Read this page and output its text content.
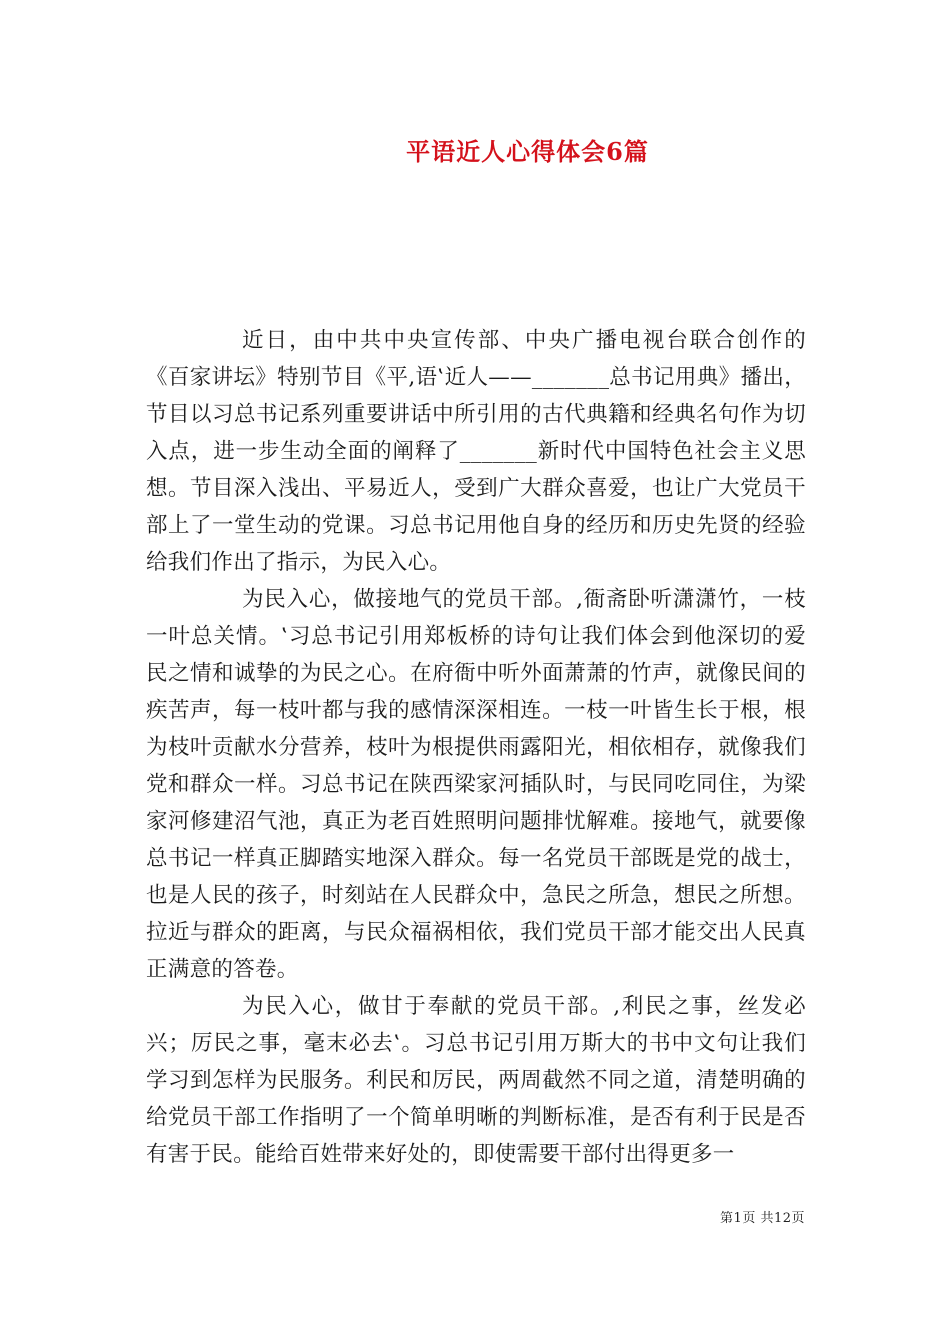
平语近人心得体会6篇

近日，由中共中央宣传部、中央广播电视台联合创作的《百家讲坛》特别节目《平,语‛近人——_______总书记用典》播出，节目以习总书记系列重要讲话中所引用的古代典籍和经典名句作为切入点，进一步生动全面的阐释了_______新时代中国特色社会主义思想。节目深入浅出、平易近人，受到广大群众喜爱，也让广大党员干部上了一堂生动的党课。习总书记用他自身的经历和历史先贤的经验给我们作出了指示，为民入心。

为民入心，做接地气的党员干部。,衙斋卧听潇潇竹，一枝一叶总关情。‛习总书记引用郑板桥的诗句让我们体会到他深切的爱民之情和诚挚的为民之心。在府衙中听外面萧萧的竹声，就像民间的疾苦声，每一枝叶都与我的感情深深相连。一枝一叶皆生长于根，根为枝叶贡献水分营养，枝叶为根提供雨露阳光，相依相存，就像我们党和群众一样。习总书记在陕西梁家河插队时，与民同吃同住，为梁家河修建沼气池，真正为老百姓照明问题排忧解难。接地气，就要像总书记一样真正脚踏实地深入群众。每一名党员干部既是党的战士，也是人民的孩子，时刻站在人民群众中，急民之所急，想民之所想。拉近与群众的距离，与民众福祸相依，我们党员干部才能交出人民真正满意的答卷。

为民入心，做甘于奉献的党员干部。,利民之事，丝发必兴；厉民之事，毫末必去‛。习总书记引用万斯大的书中文句让我们学习到怎样为民服务。利民和厉民，两周截然不同之道，清楚明确的给党员干部工作指明了一个简单明晰的判断标准，是否有利于民是否有害于民。能给百姓带来好处的，即使需要干部付出得更多一

第1页 共12页
